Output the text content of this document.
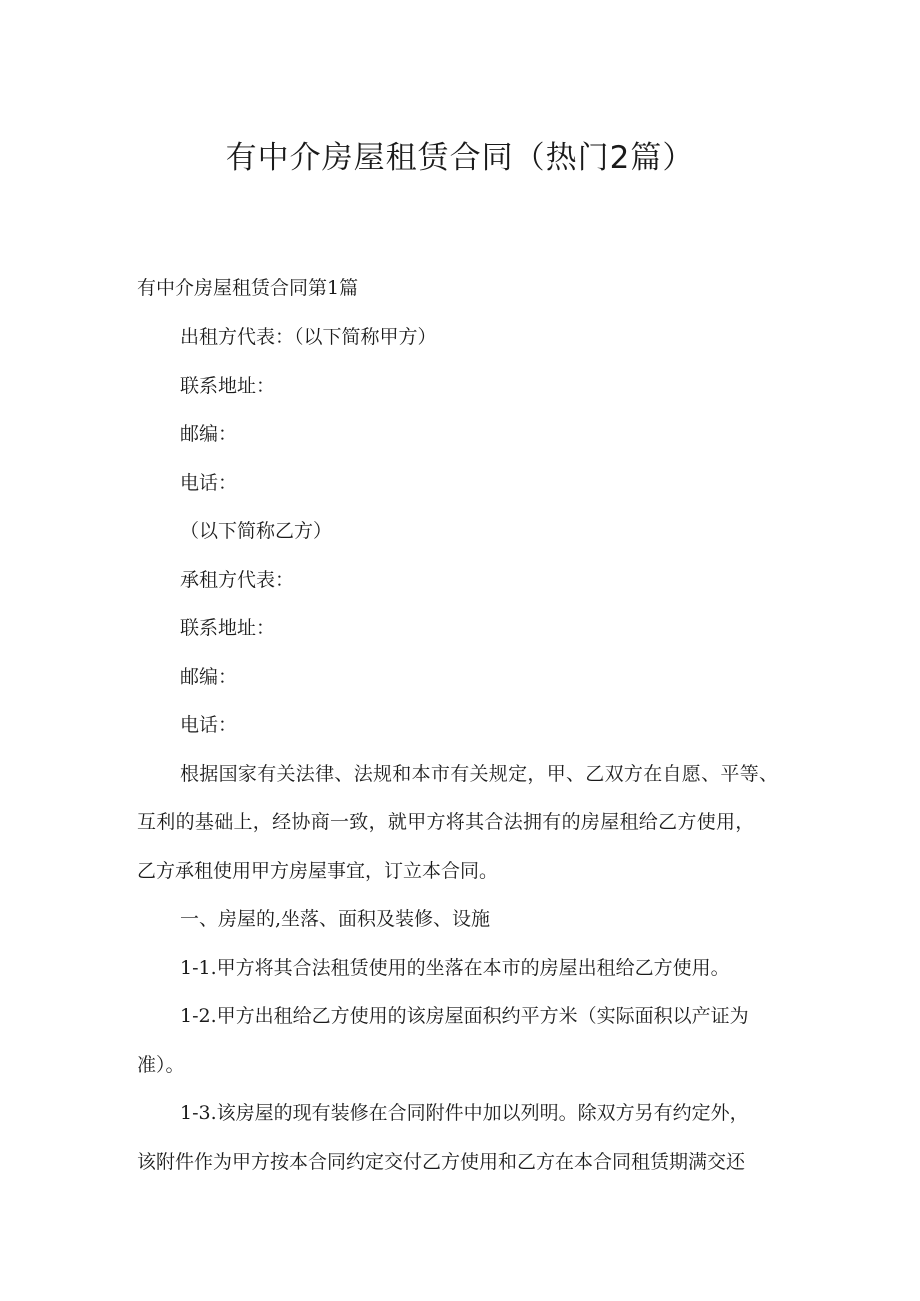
有中介房屋租赁合同（热门2篇）
有中介房屋租赁合同第1篇

出租方代表：（以下简称甲方）

联系地址：

邮编：

电话：

（以下简称乙方）

承租方代表：

联系地址：

邮编：

电话：

根据国家有关法律、法规和本市有关规定，甲、乙双方在自愿、平等、

互利的基础上，经协商一致，就甲方将其合法拥有的房屋租给乙方使用，

乙方承租使用甲方房屋事宜，订立本合同。

一、房屋的,坐落、面积及装修、设施

1-1.甲方将其合法租赁使用的坐落在本市的房屋出租给乙方使用。

1-2.甲方出租给乙方使用的该房屋面积约平方米（实际面积以产证为

准）。

1-3.该房屋的现有装修在合同附件中加以列明。除双方另有约定外，

该附件作为甲方按本合同约定交付乙方使用和乙方在本合同租赁期满交还
